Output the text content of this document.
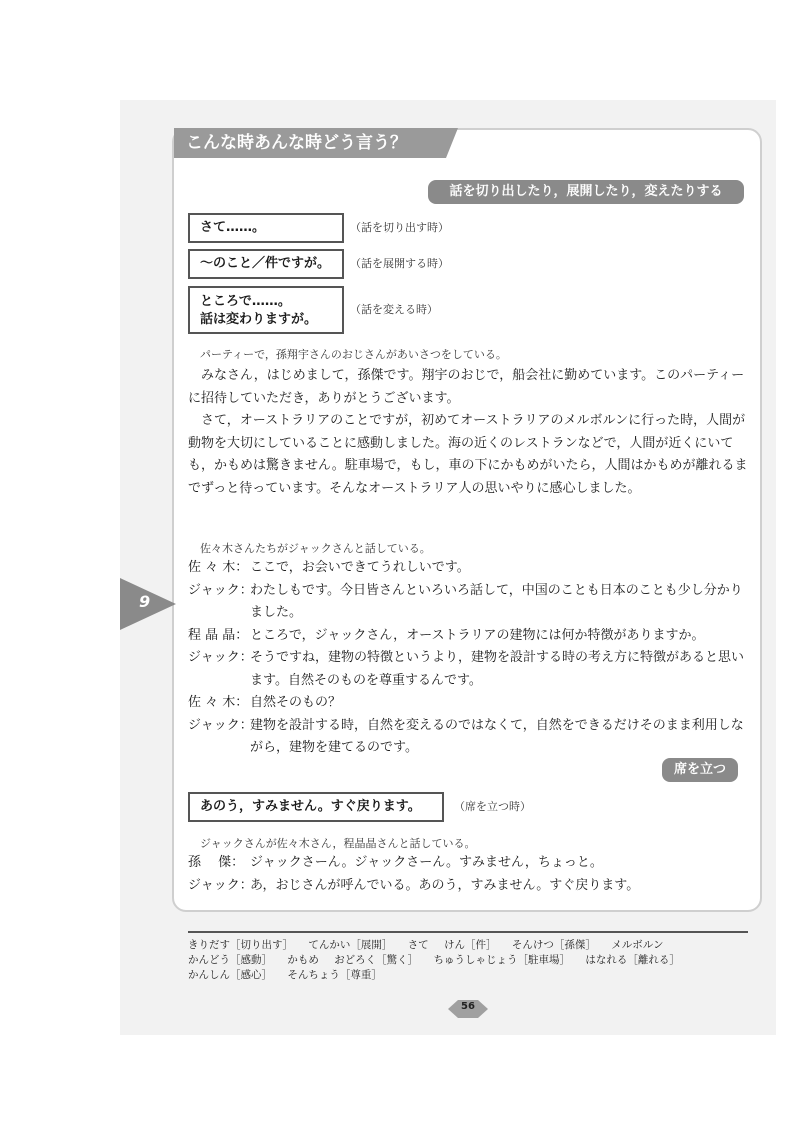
こんな時あんな時どう言う？
話を切り出したり，展開したり，変えたりする
さて……。	（話を切り出す時）
～のこと／件ですが。	（話を展開する時）
ところで……。
話は変わりますが。
（話を変える時）
パーティーで，孫翔宇さんのおじさんがあいさつをしている。

みなさん，はじめまして，孫傑です。翔宇のおじで，船会社に勤めています。このパーティーに招待していただき，ありがとうございます。

さて，オーストラリアのことですが，初めてオーストラリアのメルボルンに行った時，人間が動物を大切にしていることに感動しました。海の近くのレストランなどで，人間が近くにいても，かもめは驚きません。駐車場で，もし，車の下にかもめがいたら，人間はかもめが離れるまでずっと待っています。そんなオーストラリア人の思いやりに感心しました。

佐々木さんたちがジャックさんと話している。
佐 々 木： ここで，お会いできてうれしいです。
ジャック：
わたしもです。今日皆さんといろいろ話して，中国のことも日本のことも少し分かりました。
程 晶 晶： ところで，ジャックさん，オーストラリアの建物には何か特徴がありますか。
ジャック：
そうですね，建物の特徴というより，建物を設計する時の考え方に特徴があると思います。自然そのものを尊重するんです。
佐 々 木： 自然そのもの？
ジャック：
建物を設計する時，自然を変えるのではなくて，自然をできるだけそのまま利用しながら，建物を建てるのです。
9
席を立つ
あのう，すみません。すぐ戻ります。	（席を立つ時）
ジャックさんが佐々木さん，程晶晶さんと話している。
孫　 傑： ジャックさーん。ジャックさーん。すみません，ちょっと。
ジャック：
あ，おじさんが呼んでいる。あのう，すみません。すぐ戻ります。
きりだす［切り出す］ てんかい［展開］ さて けん［件］ そんけつ［孫傑］ メルボルン
かんどう［感動］ かもめ おどろく［驚く］ ちゅうしゃじょう［駐車場］ はなれる［離れる］
かんしん［感心］ そんちょう［尊重］
56
